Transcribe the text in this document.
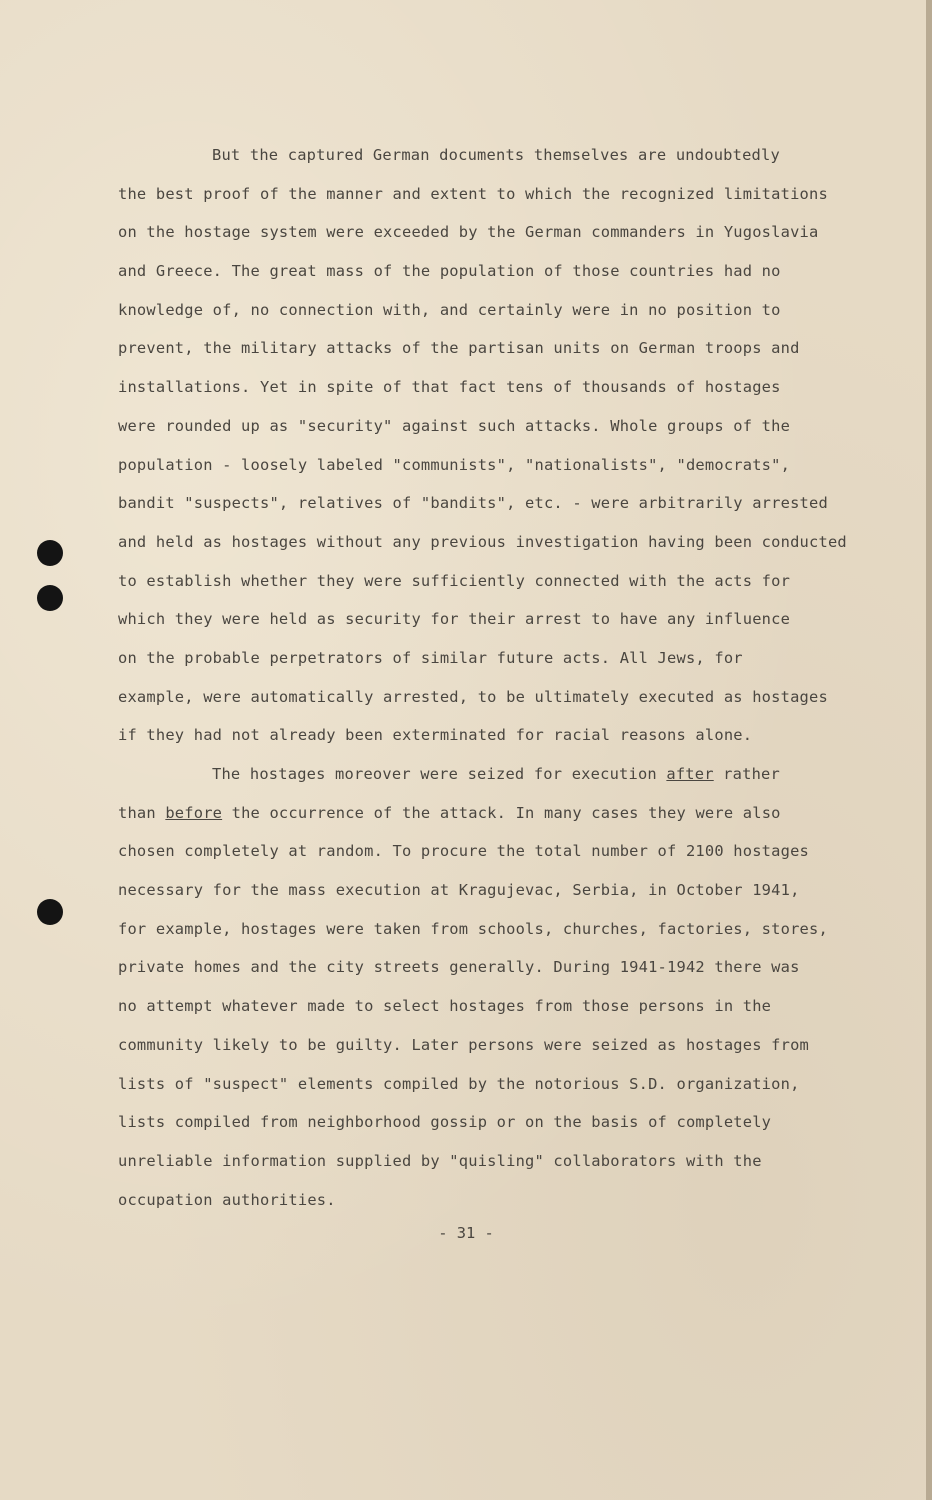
But the captured German documents themselves are undoubtedly
the best proof of the manner and extent to which the recognized limitations
on the hostage system were exceeded by the German commanders in Yugoslavia
and Greece. The great mass of the population of those countries had no
knowledge of, no connection with, and certainly were in no position to
prevent, the military attacks of the partisan units on German troops and
installations. Yet in spite of that fact tens of thousands of hostages
were rounded up as "security" against such attacks. Whole groups of the
population - loosely labeled "communists", "nationalists", "democrats",
bandit "suspects", relatives of "bandits", etc. - were arbitrarily arrested
and held as hostages without any previous investigation having been conducted
to establish whether they were sufficiently connected with the acts for
which they were held as security for their arrest to have any influence
on the probable perpetrators of similar future acts. All Jews, for
example, were automatically arrested, to be ultimately executed as hostages
if they had not already been exterminated for racial reasons alone.
The hostages moreover were seized for execution after rather
than before the occurrence of the attack. In many cases they were also
chosen completely at random. To procure the total number of 2100 hostages
necessary for the mass execution at Kragujevac, Serbia, in October 1941,
for example, hostages were taken from schools, churches, factories, stores,
private homes and the city streets generally. During 1941-1942 there was
no attempt whatever made to select hostages from those persons in the
community likely to be guilty. Later persons were seized as hostages from
lists of "suspect" elements compiled by the notorious S.D. organization,
lists compiled from neighborhood gossip or on the basis of completely
unreliable information supplied by "quisling" collaborators with the
occupation authorities.
- 31 -
